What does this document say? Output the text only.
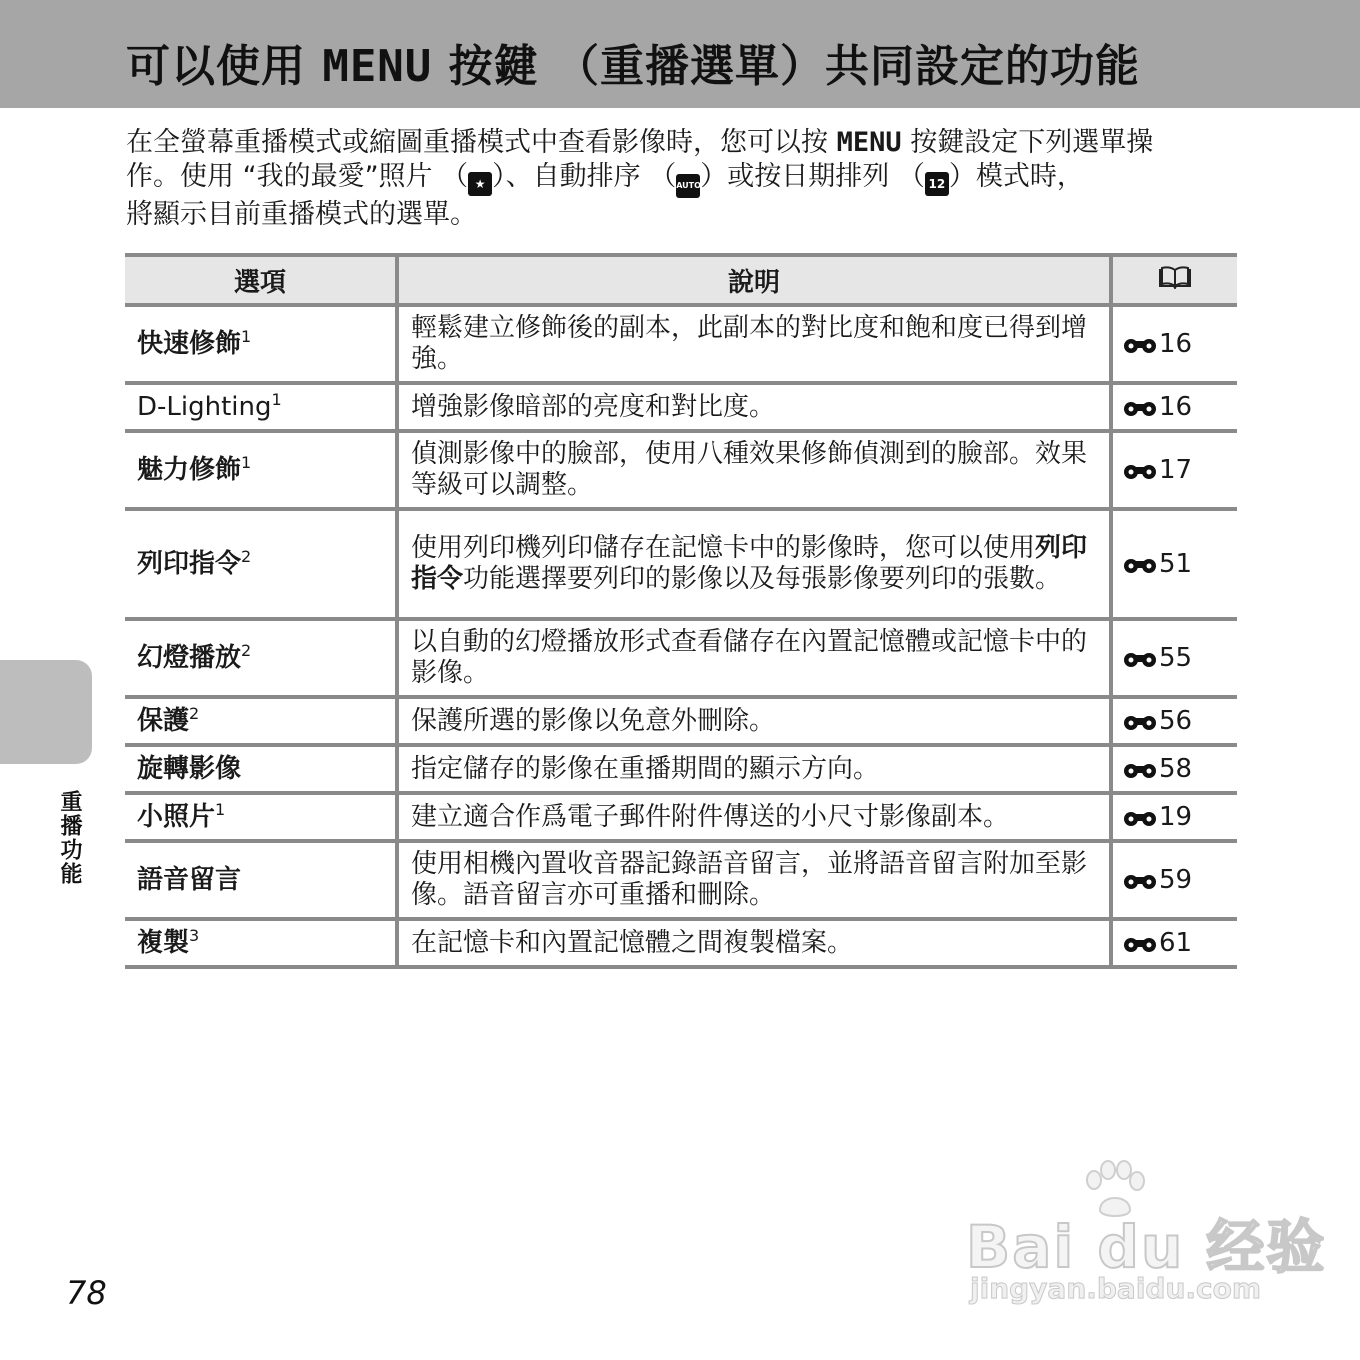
可以使用 MENU 按鍵 （重播選單）共同設定的功能

在全螢幕重播模式或縮圖重播模式中查看影像時，您可以按 MENU 按鍵設定下列選單操
作。使用 “我的最愛”照片 （ ★ ）、自動排序 （AUTO）或按日期排列 （ 12 ）模式時，
將顯示目前重播模式的選單。

選項	說明	
快速修飾$^1$	輕鬆建立修飾後的副本，此副本的對比度和飽和度已得到增強。	16
D-Lighting$^1$	增強影像暗部的亮度和對比度。	16
魅力修飾$^1$	偵測影像中的臉部，使用八種效果修飾偵測到的臉部。效果等級可以調整。	17
列印指令$^2$	使用列印機列印儲存在記憶卡中的影像時，您可以使用列印指令功能選擇要列印的影像以及每張影像要列印的張數。	51
幻燈播放$^2$	以自動的幻燈播放形式查看儲存在內置記憶體或記憶卡中的影像。	55
保護$^2$	保護所選的影像以免意外刪除。	56
旋轉影像	指定儲存的影像在重播期間的顯示方向。	58
小照片$^1$	建立適合作爲電子郵件附件傳送的小尺寸影像副本。	19
語音留言	使用相機內置收音器記錄語音留言，並將語音留言附加至影像。語音留言亦可重播和刪除。	59
複製$^3$	在記憶卡和內置記憶體之間複製檔案。	61
重播功能
78
Bai du 经验
jingyan.baidu.com
